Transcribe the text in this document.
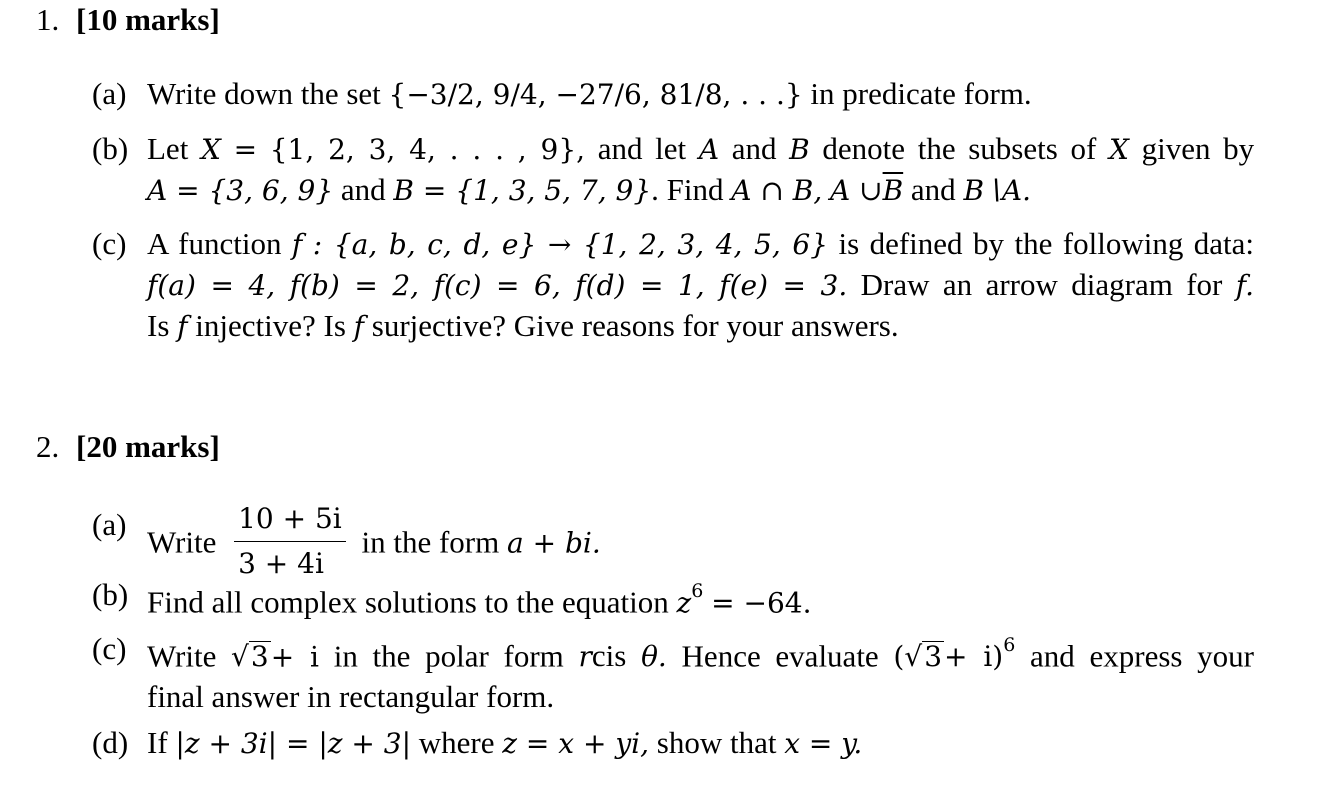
1. [10 marks]
(a) Write down the set {−3/2, 9/4, −27/6, 81/8, . . .} in predicate form.
(b) Let X = {1, 2, 3, 4, . . . , 9}, and let A and B denote the subsets of X given by
A = {3, 6, 9} and B = {1, 3, 5, 7, 9}. Find A ∩ B, A $\cup\overline{B}$ and B∖A.
(c) A function f : {a, b, c, d, e} → {1, 2, 3, 4, 5, 6} is defined by the following data:
f(a) = 4, f(b) = 2, f(c) = 6, f(d) = 1, f(e) = 3. Draw an arrow diagram for f.
Is f injective? Is f surjective? Give reasons for your answers.
2. [20 marks]
(a)
Write $\frac{10 + 5i}{3 + 4i}$ in the form a + bi.
(b) Find all complex solutions to the equation $z^6 = -64$.
(c) Write √3+ i in the polar form rcis θ. Hence evaluate $(√3+ i)^6$ and express your
final answer in rectangular form.
(d) If |z + 3i| = |z + 3| where z = x + yi, show that x = y.
